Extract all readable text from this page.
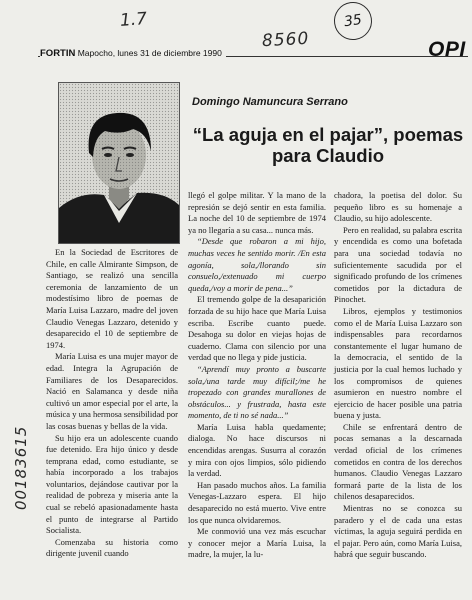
1.7
8560
35
00183615
FORTIN Mapocho, lunes 31 de diciembre 1990	OPI
Domingo Namuncura Serrano
“La aguja en el pajar”, poemas para Claudio

En la Sociedad de Escritores de Chile, en calle Almirante Simpson, de Santiago, se realizó una sencilla ceremonia de lanzamiento de un modestísimo libro de poemas de María Luisa Lazzaro, madre del joven Claudio Venegas Lazzaro, detenido y desaparecido el 10 de septiembre de 1974.

María Luisa es una mujer mayor de edad. Integra la Agrupación de Familiares de los Desaparecidos. Nació en Salamanca y desde niña cultivó un amor especial por el arte, la música y una hermosa sensibilidad por las cosas buenas y bellas de la vida.

Su hijo era un adolescente cuando fue detenido. Era hijo único y desde temprana edad, como estudiante, se había incorporado a los trabajos voluntarios, dejándose cautivar por la realidad de pobreza y miseria ante la cual se rebeló apasionadamente hasta el punto de integrarse al Partido Socialista.

Comenzaba su historia como dirigente juvenil cuando

llegó el golpe militar. Y la mano de la represión se dejó sentir en esta familia. La noche del 10 de septiembre de 1974 ya no llegaría a su casa... nunca más.

“Desde que robaron a mi hijo, muchas veces he sentido morir. /En esta agonía, sola,/llorando sin consuelo,/extenuado mi cuerpo queda,/voy a morir de pena...”

El tremendo golpe de la desaparición forzada de su hijo hace que María Luisa escriba. Escribe cuanto puede. Desahoga su dolor en viejas hojas de cuaderno. Clama con silencio por una verdad que no llega y pide justicia.

“Aprendí muy pronto a buscarte sola,/una tarde muy difícil;/me he tropezado con grandes murallones de obstáculos... y frustrada, hasta este momento, de ti no sé nada...”

María Luisa habla quedamente; dialoga. No hace discursos ni encendidas arengas. Susurra al corazón y mira con ojos limpios, sólo pidiendo la verdad.

Han pasado muchos años. La familia Venegas-Lazzaro espera. El hijo desaparecido no está muerto. Vive entre los que nunca olvidaremos.

Me conmovió una vez más escuchar y conocer mejor a María Luisa, la madre, la mujer, la lu-

chadora, la poetisa del dolor. Su pequeño libro es su homenaje a Claudio, su hijo adolescente.

Pero en realidad, su palabra escrita y encendida es como una bofetada para una sociedad todavía no suficientemente sacudida por el significado profundo de los crímenes cometidos por la dictadura de Pinochet.

Libros, ejemplos y testimonios como el de María Luisa Lazzaro son indispensables para recordarnos constantemente el lugar humano de la democracia, el sentido de la justicia por la cual hemos luchado y los compromisos de quienes asumieron en nuestro nombre el ejercicio de hacer posible una patria buena y justa.

Chile se enfrentará dentro de pocas semanas a la descarnada verdad oficial de los crímenes cometidos en contra de los derechos humanos. Claudio Venegas Lazzaro formará parte de la lista de los chilenos desaparecidos.

Mientras no se conozca su paradero y el de cada una estas víctimas, la aguja seguirá perdida en el pajar. Pero aún, como María Luisa, habrá que seguir buscando.
